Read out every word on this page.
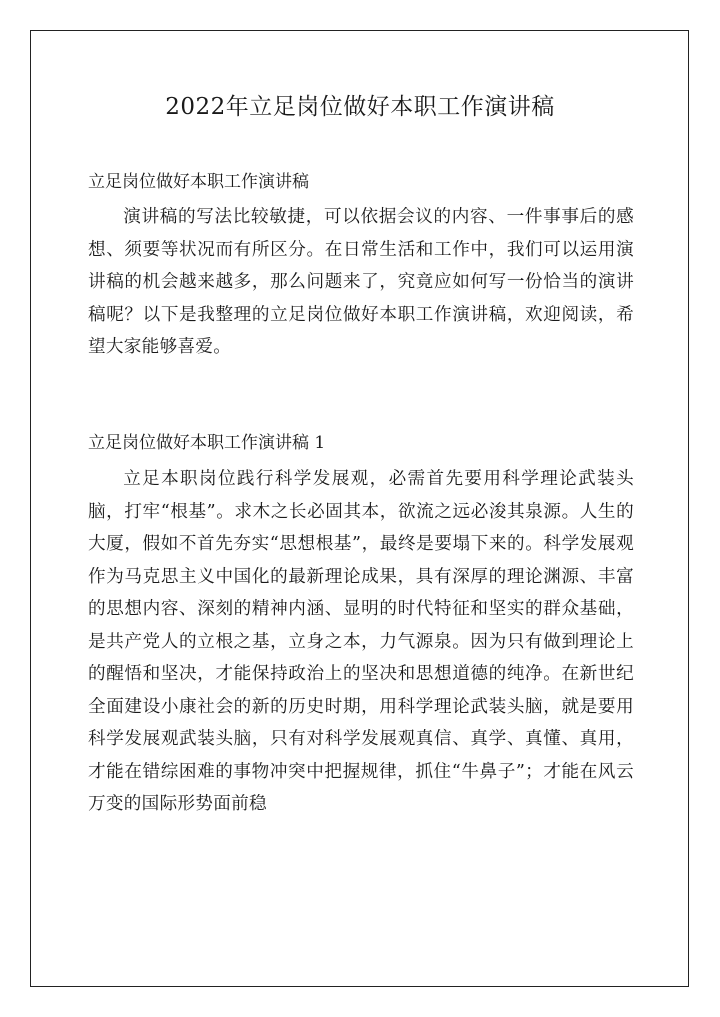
2022年立足岗位做好本职工作演讲稿
立足岗位做好本职工作演讲稿

演讲稿的写法比较敏捷，可以依据会议的内容、一件事事后的感想、须要等状况而有所区分。在日常生活和工作中，我们可以运用演讲稿的机会越来越多，那么问题来了，究竟应如何写一份恰当的演讲稿呢？以下是我整理的立足岗位做好本职工作演讲稿，欢迎阅读，希望大家能够喜爱。

立足岗位做好本职工作演讲稿 1

立足本职岗位践行科学发展观，必需首先要用科学理论武装头脑，打牢“根基”。求木之长必固其本，欲流之远必浚其泉源。人生的大厦，假如不首先夯实“思想根基”，最终是要塌下来的。科学发展观作为马克思主义中国化的最新理论成果，具有深厚的理论渊源、丰富的思想内容、深刻的精神内涵、显明的时代特征和坚实的群众基础，是共产党人的立根之基，立身之本，力气源泉。因为只有做到理论上的醒悟和坚决，才能保持政治上的坚决和思想道德的纯净。在新世纪全面建设小康社会的新的历史时期，用科学理论武装头脑，就是要用科学发展观武装头脑，只有对科学发展观真信、真学、真懂、真用，才能在错综困难的事物冲突中把握规律，抓住“牛鼻子”；才能在风云万变的国际形势面前稳
